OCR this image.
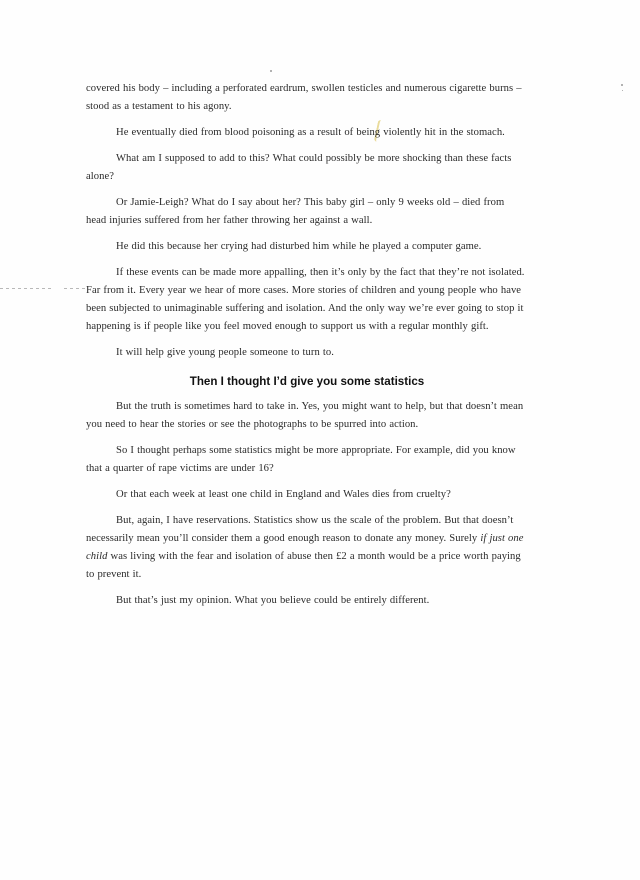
covered his body – including a perforated eardrum, swollen testicles and numerous cigarette burns – stood as a testament to his agony.

He eventually died from blood poisoning as a result of being violently hit in the stomach.

What am I supposed to add to this? What could possibly be more shocking than these facts alone?

Or Jamie-Leigh? What do I say about her? This baby girl – only 9 weeks old – died from head injuries suffered from her father throwing her against a wall.

He did this because her crying had disturbed him while he played a computer game.

If these events can be made more appalling, then it’s only by the fact that they’re not isolated. Far from it. Every year we hear of more cases. More stories of children and young people who have been subjected to unimaginable suffering and isolation. And the only way we’re ever going to stop it happening is if people like you feel moved enough to support us with a regular monthly gift.

It will help give young people someone to turn to.

Then I thought I’d give you some statistics

But the truth is sometimes hard to take in. Yes, you might want to help, but that doesn’t mean you need to hear the stories or see the photographs to be spurred into action.

So I thought perhaps some statistics might be more appropriate. For example, did you know that a quarter of rape victims are under 16?

Or that each week at least one child in England and Wales dies from cruelty?

But, again, I have reservations. Statistics show us the scale of the problem. But that doesn’t necessarily mean you’ll consider them a good enough reason to donate any money. Surely if just one child was living with the fear and isolation of abuse then £2 a month would be a price worth paying to prevent it.

But that’s just my opinion. What you believe could be entirely different.
